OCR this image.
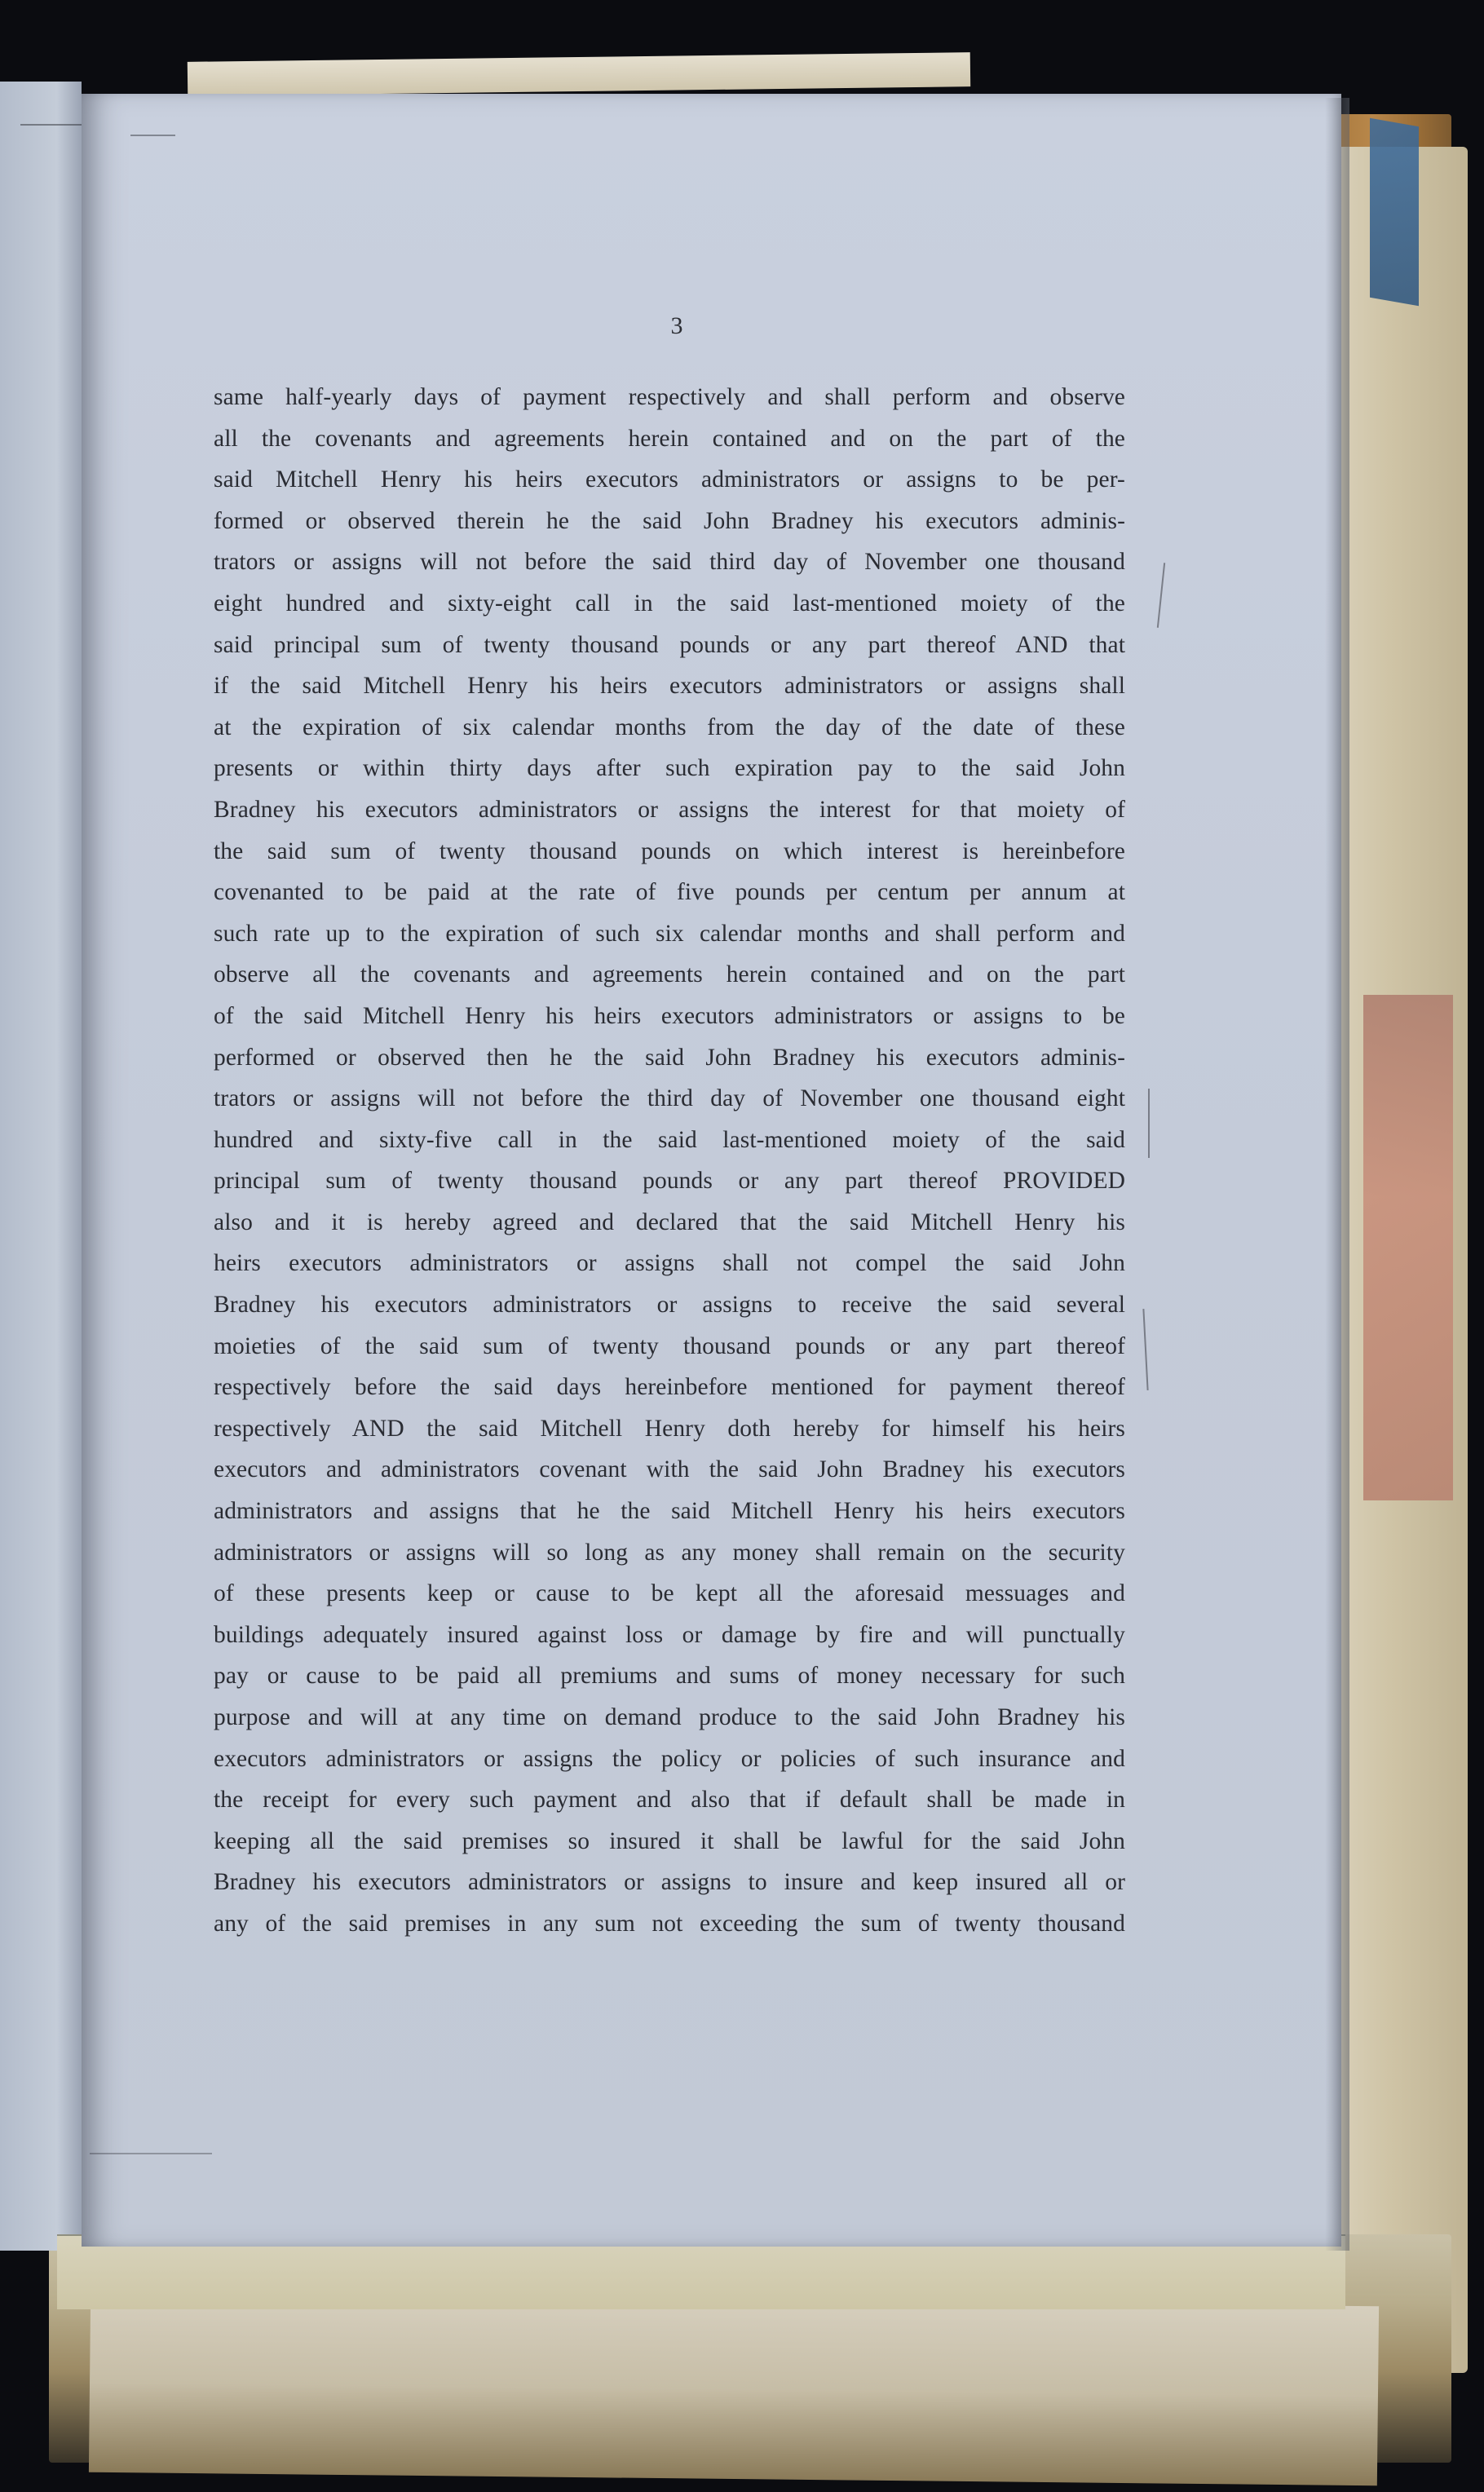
3
same half-yearly days of payment respectively and shall perform and observe
all the covenants and agreements herein contained and on the part of the
said Mitchell Henry his heirs executors administrators or assigns to be per-
formed or observed therein he the said John Bradney his executors adminis-
trators or assigns will not before the said third day of November one thousand
eight hundred and sixty-eight call in the said last-mentioned moiety of the
said principal sum of twenty thousand pounds or any part thereof AND that
if the said Mitchell Henry his heirs executors administrators or assigns shall
at the expiration of six calendar months from the day of the date of these
presents or within thirty days after such expiration pay to the said John
Bradney his executors administrators or assigns the interest for that moiety of
the said sum of twenty thousand pounds on which interest is hereinbefore
covenanted to be paid at the rate of five pounds per centum per annum at
such rate up to the expiration of such six calendar months and shall perform and
observe all the covenants and agreements herein contained and on the part
of the said Mitchell Henry his heirs executors administrators or assigns to be
performed or observed then he the said John Bradney his executors adminis-
trators or assigns will not before the third day of November one thousand eight
hundred and sixty-five call in the said last-mentioned moiety of the said
principal sum of twenty thousand pounds or any part thereof PROVIDED
also and it is hereby agreed and declared that the said Mitchell Henry his
heirs executors administrators or assigns shall not compel the said John
Bradney his executors administrators or assigns to receive the said several
moieties of the said sum of twenty thousand pounds or any part thereof
respectively before the said days hereinbefore mentioned for payment thereof
respectively AND the said Mitchell Henry doth hereby for himself his heirs
executors and administrators covenant with the said John Bradney his executors
administrators and assigns that he the said Mitchell Henry his heirs executors
administrators or assigns will so long as any money shall remain on the security
of these presents keep or cause to be kept all the aforesaid messuages and
buildings adequately insured against loss or damage by fire and will punctually
pay or cause to be paid all premiums and sums of money necessary for such
purpose and will at any time on demand produce to the said John Bradney his
executors administrators or assigns the policy or policies of such insurance and
the receipt for every such payment and also that if default shall be made in
keeping all the said premises so insured it shall be lawful for the said John
Bradney his executors administrators or assigns to insure and keep insured all or
any of the said premises in any sum not exceeding the sum of twenty thousand
